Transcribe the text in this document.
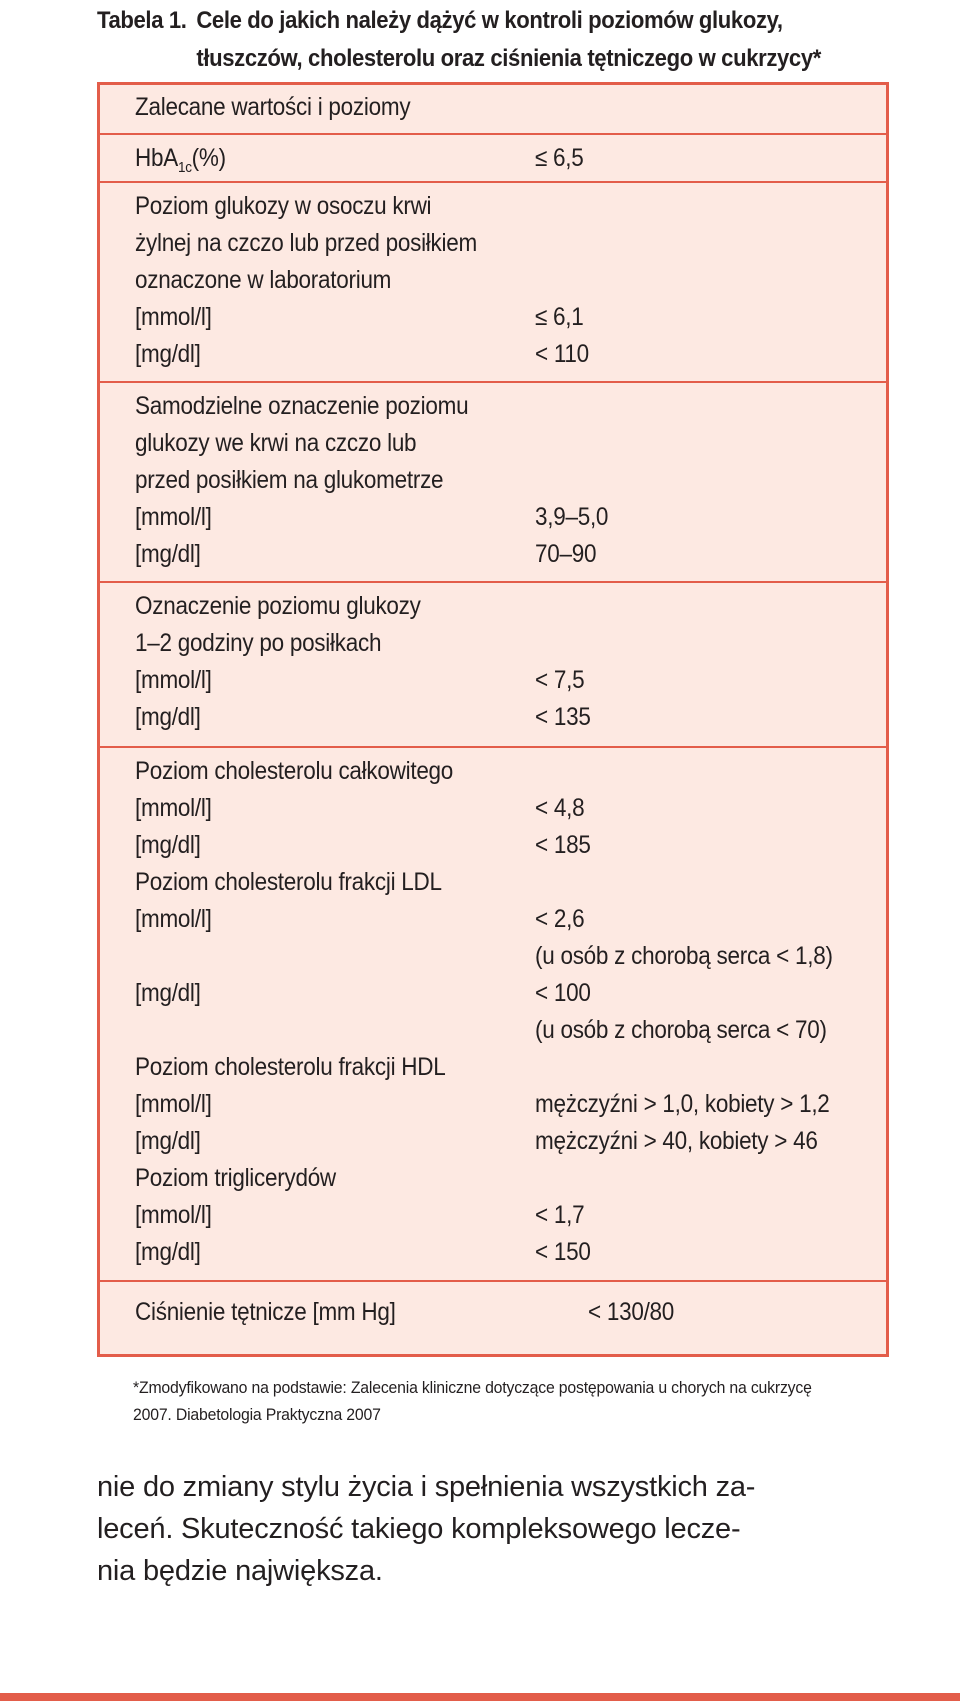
Tabela 1. Cele do jakich należy dążyć w kontroli poziomów glukozy,
tłuszczów, cholesterolu oraz ciśnienia tętniczego w cukrzycy*
Zalecane wartości i poziomy
HbA$_{1c}$(%)	≤ 6,5
Poziom glukozy w osoczu krwi
żylnej na czczo lub przed posiłkiem
oznaczone w laboratorium
[mmol/l]	≤ 6,1
[mg/dl]	< 110
Samodzielne oznaczenie poziomu
glukozy we krwi na czczo lub
przed posiłkiem na glukometrze
[mmol/l]	3,9–5,0
[mg/dl]	70–90
Oznaczenie poziomu glukozy
1–2 godziny po posiłkach
[mmol/l]	< 7,5
[mg/dl]	< 135
Poziom cholesterolu całkowitego
[mmol/l]	< 4,8
[mg/dl]	< 185
Poziom cholesterolu frakcji LDL
[mmol/l]	< 2,6
(u osób z chorobą serca < 1,8)
[mg/dl]	< 100
(u osób z chorobą serca < 70)
Poziom cholesterolu frakcji HDL
[mmol/l]	mężczyźni > 1,0, kobiety > 1,2
[mg/dl]	mężczyźni > 40, kobiety > 46
Poziom triglicerydów
[mmol/l]	< 1,7
[mg/dl]	< 150
Ciśnienie tętnicze [mm Hg]	< 130/80
*Zmodyfikowano na podstawie: Zalecenia kliniczne dotyczące postępowania u chorych na cukrzycę 2007. Diabetologia Praktyczna 2007
nie do zmiany stylu życia i spełnienia wszystkich za-
leceń. Skuteczność takiego kompleksowego lecze-
nia będzie największa.
